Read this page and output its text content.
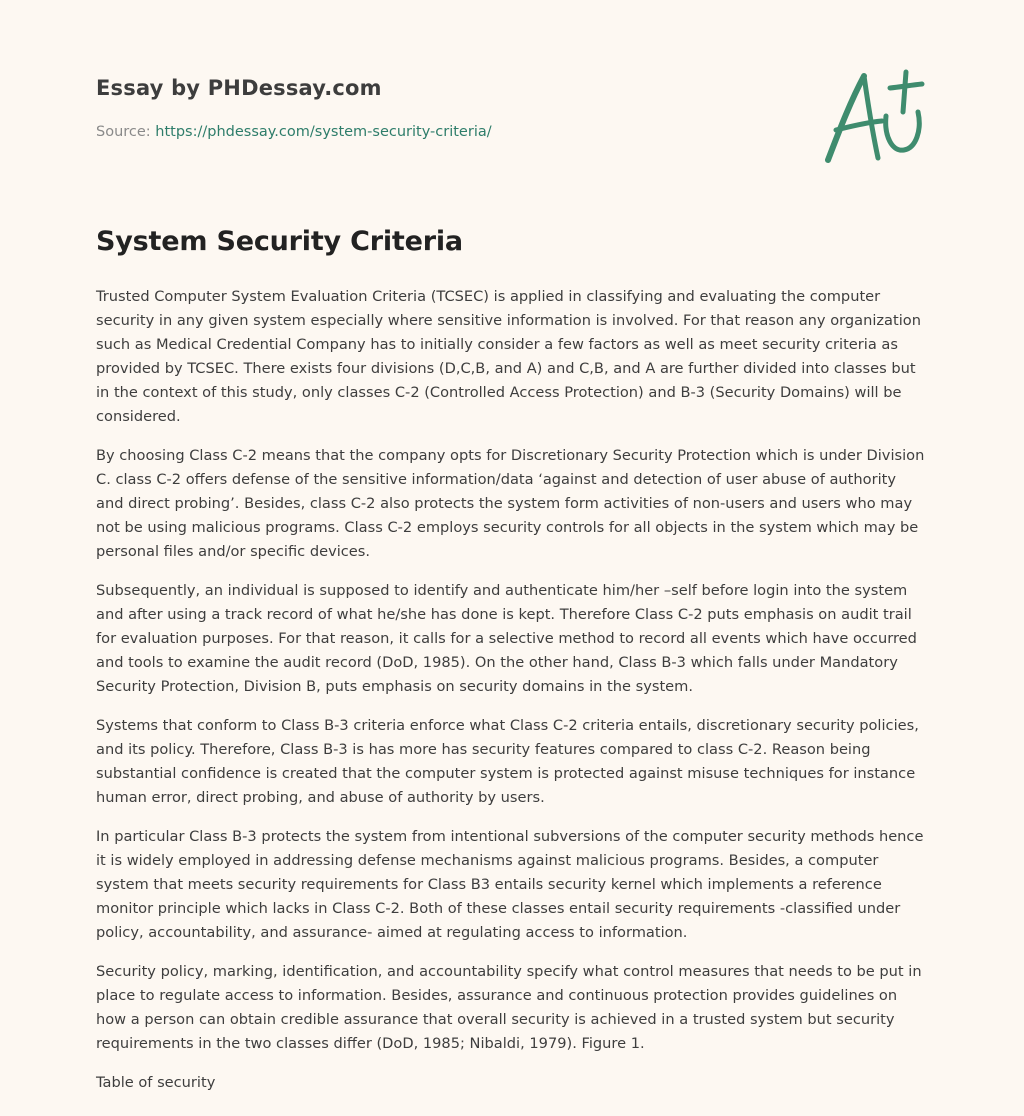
Essay by PHDessay.com

Source: https://phdessay.com/system-security-criteria/

System Security Criteria

Trusted Computer System Evaluation Criteria (TCSEC) is applied in classifying and evaluating the computer security in any given system especially where sensitive information is involved. For that reason any organization such as Medical Credential Company has to initially consider a few factors as well as meet security criteria as provided by TCSEC. There exists four divisions (D,C,B, and A) and C,B, and A are further divided into classes but in the context of this study, only classes C-2 (Controlled Access Protection) and B-3 (Security Domains) will be considered.

By choosing Class C-2 means that the company opts for Discretionary Security Protection which is under Division C. class C-2 offers defense of the sensitive information/data ‘against and detection of user abuse of authority and direct probing’. Besides, class C-2 also protects the system form activities of non-users and users who may not be using malicious programs. Class C-2 employs security controls for all objects in the system which may be personal files and/or specific devices.

Subsequently, an individual is supposed to identify and authenticate him/her –self before login into the system and after using a track record of what he/she has done is kept. Therefore Class C-2 puts emphasis on audit trail for evaluation purposes. For that reason, it calls for a selective method to record all events which have occurred and tools to examine the audit record (DoD, 1985). On the other hand, Class B-3 which falls under Mandatory Security Protection, Division B, puts emphasis on security domains in the system.

Systems that conform to Class B-3 criteria enforce what Class C-2 criteria entails, discretionary security policies, and its policy. Therefore, Class B-3 is has more has security features compared to class C-2. Reason being substantial confidence is created that the computer system is protected against misuse techniques for instance human error, direct probing, and abuse of authority by users.

In particular Class B-3 protects the system from intentional subversions of the computer security methods hence it is widely employed in addressing defense mechanisms against malicious programs. Besides, a computer system that meets security requirements for Class B3 entails security kernel which implements a reference monitor principle which lacks in Class C-2. Both of these classes entail security requirements -classified under policy, accountability, and assurance- aimed at regulating access to information.

Security policy, marking, identification, and accountability specify what control measures that needs to be put in place to regulate access to information. Besides, assurance and continuous protection provides guidelines on how a person can obtain credible assurance that overall security is achieved in a trusted system but security requirements in the two classes differ (DoD, 1985; Nibaldi, 1979). Figure 1.

Table of security
